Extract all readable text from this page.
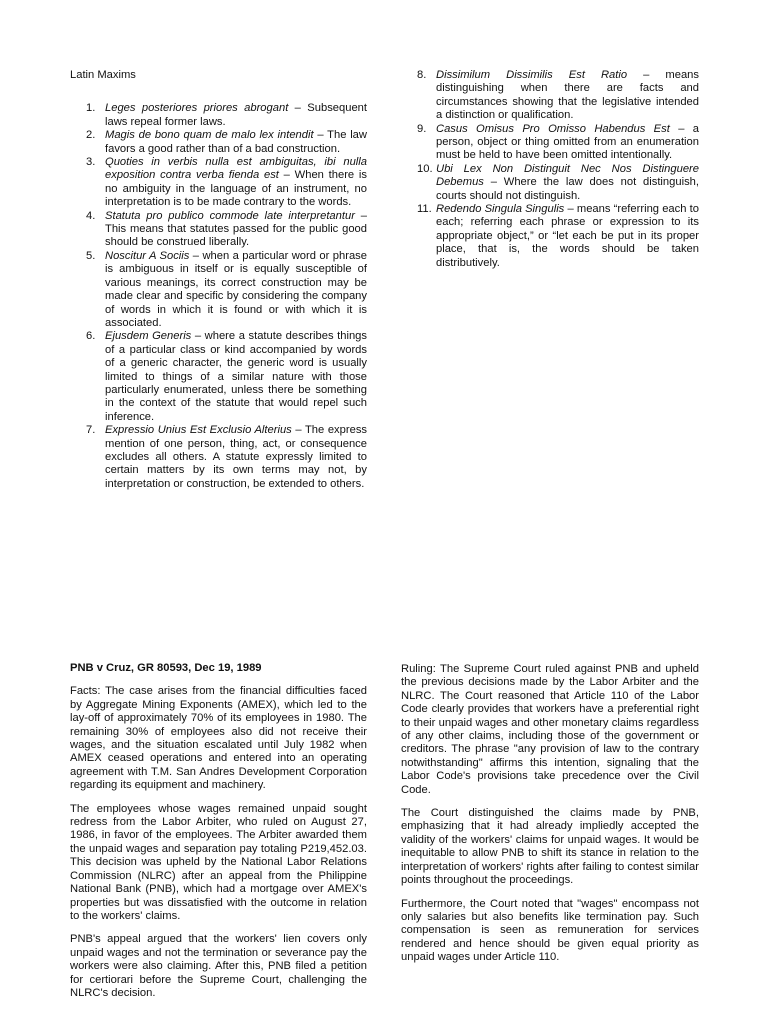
Latin Maxims
1. Leges posteriores priores abrogant – Subsequent laws repeal former laws.
2. Magis de bono quam de malo lex intendit – The law favors a good rather than of a bad construction.
3. Quoties in verbis nulla est ambiguitas, ibi nulla exposition contra verba fienda est – When there is no ambiguity in the language of an instrument, no interpretation is to be made contrary to the words.
4. Statuta pro publico commode late interpretantur – This means that statutes passed for the public good should be construed liberally.
5. Noscitur A Sociis – when a particular word or phrase is ambiguous in itself or is equally susceptible of various meanings, its correct construction may be made clear and specific by considering the company of words in which it is found or with which it is associated.
6. Ejusdem Generis – where a statute describes things of a particular class or kind accompanied by words of a generic character, the generic word is usually limited to things of a similar nature with those particularly enumerated, unless there be something in the context of the statute that would repel such inference.
7. Expressio Unius Est Exclusio Alterius – The express mention of one person, thing, act, or consequence excludes all others. A statute expressly limited to certain matters by its own terms may not, by interpretation or construction, be extended to others.
8. Dissimilum Dissimilis Est Ratio – means distinguishing when there are facts and circumstances showing that the legislative intended a distinction or qualification.
9. Casus Omisus Pro Omisso Habendus Est – a person, object or thing omitted from an enumeration must be held to have been omitted intentionally.
10. Ubi Lex Non Distinguit Nec Nos Distinguere Debemus – Where the law does not distinguish, courts should not distinguish.
11. Redendo Singula Singulis – means “referring each to each; referring each phrase or expression to its appropriate object,” or “let each be put in its proper place, that is, the words should be taken distributively.
PNB v Cruz, GR 80593, Dec 19, 1989

Facts: The case arises from the financial difficulties faced by Aggregate Mining Exponents (AMEX), which led to the lay-off of approximately 70% of its employees in 1980. The remaining 30% of employees also did not receive their wages, and the situation escalated until July 1982 when AMEX ceased operations and entered into an operating agreement with T.M. San Andres Development Corporation regarding its equipment and machinery.

The employees whose wages remained unpaid sought redress from the Labor Arbiter, who ruled on August 27, 1986, in favor of the employees. The Arbiter awarded them the unpaid wages and separation pay totaling P219,452.03. This decision was upheld by the National Labor Relations Commission (NLRC) after an appeal from the Philippine National Bank (PNB), which had a mortgage over AMEX's properties but was dissatisfied with the outcome in relation to the workers' claims.

PNB's appeal argued that the workers' lien covers only unpaid wages and not the termination or severance pay the workers were also claiming. After this, PNB filed a petition for certiorari before the Supreme Court, challenging the NLRC's decision.

Ruling: The Supreme Court ruled against PNB and upheld the previous decisions made by the Labor Arbiter and the NLRC. The Court reasoned that Article 110 of the Labor Code clearly provides that workers have a preferential right to their unpaid wages and other monetary claims regardless of any other claims, including those of the government or creditors. The phrase "any provision of law to the contrary notwithstanding" affirms this intention, signaling that the Labor Code's provisions take precedence over the Civil Code.

The Court distinguished the claims made by PNB, emphasizing that it had already impliedly accepted the validity of the workers' claims for unpaid wages. It would be inequitable to allow PNB to shift its stance in relation to the interpretation of workers' rights after failing to contest similar points throughout the proceedings.

Furthermore, the Court noted that "wages" encompass not only salaries but also benefits like termination pay. Such compensation is seen as remuneration for services rendered and hence should be given equal priority as unpaid wages under Article 110.
